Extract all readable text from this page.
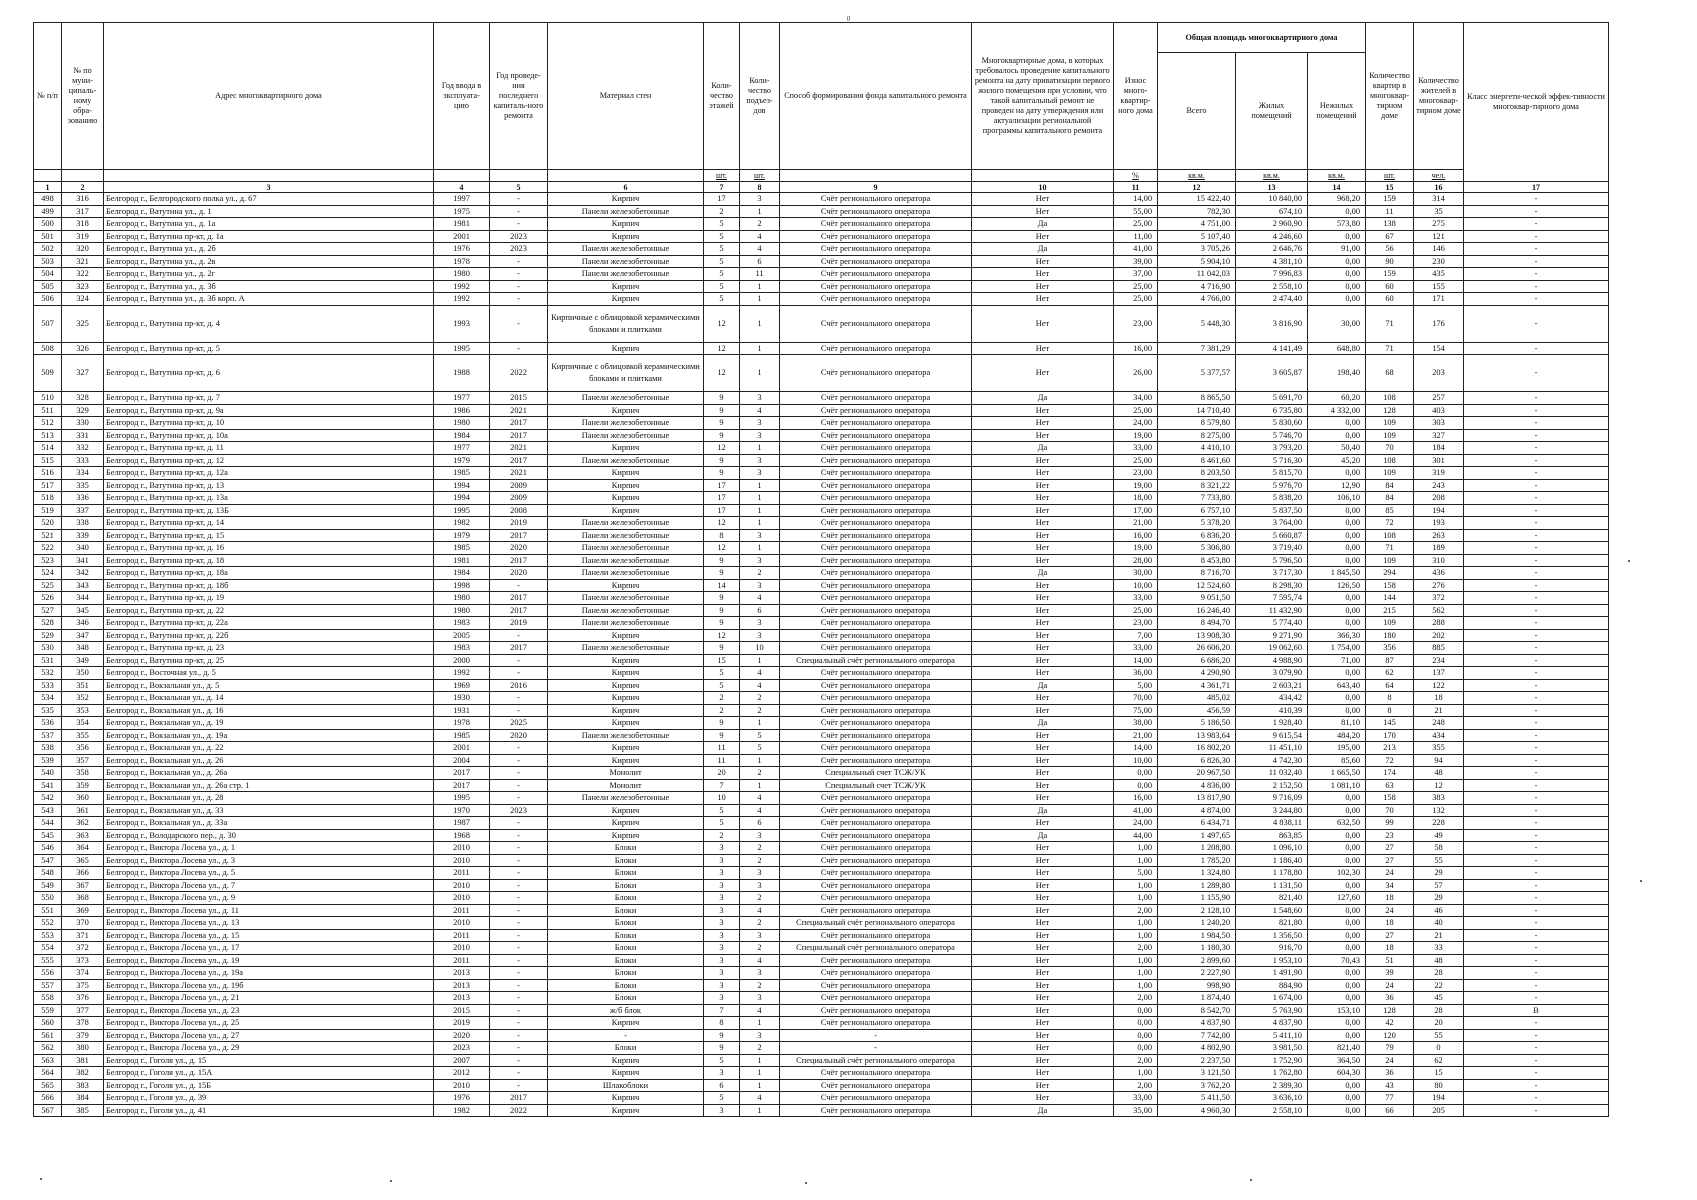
0
№ п/п	№ по муни-ципаль-ному обра-зованию	Адрес многоквартирного дома	Год ввода в эксплуата-цию	Год проведе-ния последнего капиталь-ного ремонта	Материал стен	Коли-чество этажей	Коли-чество подъез-дов	Способ формирования фонда капитального ремонта	Многоквартирные дома, в которых требовалось проведение капитального ремонта на дату приватизации первого жилого помещения при условии, что такой капитальный ремонт не проведен на дату утверждения или актуализации региональной программы капитального ремонта	Износ много-квартир-ного дома	Общая площадь многоквартирного дома			Количество квартир в многоквар-тирном доме	Количество жителей в многоквар-тирном доме	Класс энергети-ческой эффек-тивности многоквар-тирного дома
											Всего	Жилых помещений	Нежилых помещений			
						шт.	шт.			%	кв.м.	кв.м.	кв.м.	шт.	чел.	
1	2	3	4	5	6	7	8	9	10	11	12	13	14	15	16	17
498	316	Белгород г., Белгородского полка ул., д. 67	1997	-	Кирпич	17	3	Счёт регионального оператора	Нет	14,00	15 422,40	10 840,00	968,20	159	314	-
499	317	Белгород г., Ватутина ул., д. 1	1975	-	Панели железобетонные	2	1	Счёт регионального оператора	Нет	55,00	782,30	674,10	0,00	11	35	-
500	318	Белгород г., Ватутина ул., д. 1а	1981	-	Кирпич	5	2	Счёт регионального оператора	Да	25,00	4 751,00	2 960,90	573,80	138	275	-
501	319	Белгород г., Ватутина пр-кт, д. 1а	2001	2023	Кирпич	5	4	Счёт регионального оператора	Нет	11,00	5 107,40	4 246,60	0,00	67	121	-
502	320	Белгород г., Ватутина ул., д. 2б	1976	2023	Панели железобетонные	5	4	Счёт регионального оператора	Да	41,00	3 705,26	2 646,76	91,00	56	146	-
503	321	Белгород г., Ватутина ул., д. 2в	1978	-	Панели железобетонные	5	6	Счёт регионального оператора	Нет	39,00	5 904,10	4 381,10	0,00	90	230	-
504	322	Белгород г., Ватутина ул., д. 2г	1980	-	Панели железобетонные	5	11	Счёт регионального оператора	Нет	37,00	11 042,03	7 996,83	0,00	159	435	-
505	323	Белгород г., Ватутина ул., д. 3б	1992	-	Кирпич	5	1	Счёт регионального оператора	Нет	25,00	4 716,90	2 558,10	0,00	60	155	-
506	324	Белгород г., Ватутина ул., д. 3б корп. А	1992	-	Кирпич	5	1	Счёт регионального оператора	Нет	25,00	4 766,00	2 474,40	0,00	60	171	-
507	325	Белгород г., Ватутина пр-кт, д. 4	1993	-	Кирпичные с облицовкой керамическими блоками и плитками	12	1	Счёт регионального оператора	Нет	23,00	5 448,30	3 816,90	30,00	71	176	-
508	326	Белгород г., Ватутина пр-кт, д. 5	1995	-	Кирпич	12	1	Счёт регионального оператора	Нет	16,00	7 381,29	4 141,49	648,80	71	154	-
509	327	Белгород г., Ватутина пр-кт, д. 6	1988	2022	Кирпичные с облицовкой керамическими блоками и плитками	12	1	Счёт регионального оператора	Нет	26,00	5 377,57	3 605,87	198,40	68	203	-
510	328	Белгород г., Ватутина пр-кт, д. 7	1977	2015	Панели железобетонные	9	3	Счёт регионального оператора	Да	34,00	8 865,50	5 691,70	60,20	108	257	-
511	329	Белгород г., Ватутина пр-кт, д. 9а	1986	2021	Кирпич	9	4	Счёт регионального оператора	Нет	25,00	14 710,40	6 735,80	4 332,00	128	403	-
512	330	Белгород г., Ватутина пр-кт, д. 10	1980	2017	Панели железобетонные	9	3	Счёт регионального оператора	Нет	24,00	8 579,80	5 830,60	0,00	109	303	-
513	331	Белгород г., Ватутина пр-кт, д. 10а	1984	2017	Панели железобетонные	9	3	Счёт регионального оператора	Нет	19,00	8 275,00	5 746,70	0,00	109	327	-
514	332	Белгород г., Ватутина пр-кт, д. 11	1977	2021	Кирпич	12	1	Счёт регионального оператора	Да	33,00	4 410,10	3 793,20	50,40	70	184	-
515	333	Белгород г., Ватутина пр-кт, д. 12	1979	2017	Панели железобетонные	9	3	Счёт регионального оператора	Нет	25,00	8 461,60	5 716,30	45,20	108	301	-
516	334	Белгород г., Ватутина пр-кт, д. 12а	1985	2021	Кирпич	9	3	Счёт регионального оператора	Нет	23,00	8 203,50	5 815,70	0,00	109	319	-
517	335	Белгород г., Ватутина пр-кт, д. 13	1994	2009	Кирпич	17	1	Счёт регионального оператора	Нет	19,00	8 321,22	5 976,70	12,90	84	243	-
518	336	Белгород г., Ватутина пр-кт, д. 13а	1994	2009	Кирпич	17	1	Счёт регионального оператора	Нет	18,00	7 733,80	5 838,20	106,10	84	208	-
519	337	Белгород г., Ватутина пр-кт, д. 13Б	1995	2008	Кирпич	17	1	Счёт регионального оператора	Нет	17,00	6 757,10	5 837,50	0,00	85	194	-
520	338	Белгород г., Ватутина пр-кт, д. 14	1982	2019	Панели железобетонные	12	1	Счёт регионального оператора	Нет	21,00	5 378,20	3 764,00	0,00	72	193	-
521	339	Белгород г., Ватутина пр-кт, д. 15	1979	2017	Панели железобетонные	8	3	Счёт регионального оператора	Нет	16,00	6 836,20	5 660,87	0,00	108	263	-
522	340	Белгород г., Ватутина пр-кт, д. 16	1985	2020	Панели железобетонные	12	1	Счёт регионального оператора	Нет	19,00	5 306,80	3 719,40	0,00	71	189	-
523	341	Белгород г., Ватутина пр-кт, д. 18	1981	2017	Панели железобетонные	9	3	Счёт регионального оператора	Нет	28,00	8 453,80	5 796,50	0,00	109	310	-
524	342	Белгород г., Ватутина пр-кт, д. 18а	1984	2020	Панели железобетонные	9	2	Счёт регионального оператора	Да	30,00	8 716,70	3 717,30	1 845,50	294	436	-
525	343	Белгород г., Ватутина пр-кт, д. 18б	1998	-	Кирпич	14	3	Счёт регионального оператора	Нет	10,00	12 524,60	8 298,30	126,50	158	276	-
526	344	Белгород г., Ватутина пр-кт, д. 19	1980	2017	Панели железобетонные	9	4	Счёт регионального оператора	Нет	33,00	9 051,50	7 595,74	0,00	144	372	-
527	345	Белгород г., Ватутина пр-кт, д. 22	1980	2017	Панели железобетонные	9	6	Счёт регионального оператора	Нет	25,00	16 246,40	11 432,90	0,00	215	562	-
528	346	Белгород г., Ватутина пр-кт, д. 22а	1983	2019	Панели железобетонные	9	3	Счёт регионального оператора	Нет	23,00	8 494,70	5 774,40	0,00	109	288	-
529	347	Белгород г., Ватутина пр-кт, д. 22б	2005	-	Кирпич	12	3	Счёт регионального оператора	Нет	7,00	13 908,30	9 271,90	366,30	180	202	-
530	348	Белгород г., Ватутина пр-кт, д. 23	1983	2017	Панели железобетонные	9	10	Счёт регионального оператора	Нет	33,00	26 606,20	19 062,60	1 754,00	356	885	-
531	349	Белгород г., Ватутина пр-кт, д. 25	2000	-	Кирпич	15	1	Специальный счёт регионального оператора	Нет	14,00	6 686,20	4 988,90	71,00	87	234	-
532	350	Белгород г., Восточная ул., д. 5	1992	-	Кирпич	5	4	Счёт регионального оператора	Нет	36,00	4 290,90	3 079,90	0,00	62	137	-
533	351	Белгород г., Вокзальная ул., д. 5	1969	2016	Кирпич	5	4	Счёт регионального оператора	Да	5,00	4 361,71	2 603,21	643,40	64	122	-
534	352	Белгород г., Вокзальная ул., д. 14	1930	-	Кирпич	2	2	Счёт регионального оператора	Нет	70,00	485,02	434,42	0,00	8	18	-
535	353	Белгород г., Вокзальная ул., д. 16	1931	-	Кирпич	2	2	Счёт регионального оператора	Нет	75,00	456,59	410,39	0,00	8	21	-
536	354	Белгород г., Вокзальная ул., д. 19	1978	2025	Кирпич	9	1	Счёт регионального оператора	Да	38,00	5 186,50	1 928,40	81,10	145	248	-
537	355	Белгород г., Вокзальная ул., д. 19а	1985	2020	Панели железобетонные	9	5	Счёт регионального оператора	Нет	21,00	13 983,64	9 615,54	484,20	170	434	-
538	356	Белгород г., Вокзальная ул., д. 22	2001	-	Кирпич	11	5	Счёт регионального оператора	Нет	14,00	16 802,20	11 451,10	195,00	213	355	-
539	357	Белгород г., Вокзальная ул., д. 26	2004	-	Кирпич	11	1	Счёт регионального оператора	Нет	10,00	6 826,30	4 742,30	85,60	72	94	-
540	358	Белгород г., Вокзальная ул., д. 26а	2017	-	Монолит	20	2	Специальный счет ТСЖ/УК	Нет	0,00	20 967,50	11 032,40	1 665,50	174	48	-
541	359	Белгород г., Вокзальная ул., д. 26а стр. 1	2017	-	Монолит	7	1	Специальный счет ТСЖ/УК	Нет	0,00	4 836,00	2 152,50	1 081,10	63	12	-
542	360	Белгород г., Вокзальная ул., д. 28	1995	-	Панели железобетонные	10	4	Счёт регионального оператора	Нет	16,00	13 817,90	9 716,09	0,00	158	383	-
543	361	Белгород г., Вокзальная ул., д. 33	1970	2023	Кирпич	5	4	Счёт регионального оператора	Да	41,00	4 874,00	3 244,80	0,00	70	132	-
544	362	Белгород г., Вокзальная ул., д. 33а	1987	-	Кирпич	5	6	Счёт регионального оператора	Нет	24,00	6 434,71	4 838,11	632,50	99	228	-
545	363	Белгород г., Володарского пер., д. 30	1968	-	Кирпич	2	3	Счёт регионального оператора	Да	44,00	1 497,65	863,85	0,00	23	49	-
546	364	Белгород г., Виктора Лосева ул., д. 1	2010	-	Блоки	3	2	Счёт регионального оператора	Нет	1,00	1 208,80	1 096,10	0,00	27	58	-
547	365	Белгород г., Виктора Лосева ул., д. 3	2010	-	Блоки	3	2	Счёт регионального оператора	Нет	1,00	1 785,20	1 186,40	0,00	27	55	-
548	366	Белгород г., Виктора Лосева ул., д. 5	2011	-	Блоки	3	3	Счёт регионального оператора	Нет	5,00	1 324,80	1 178,80	102,30	24	29	-
549	367	Белгород г., Виктора Лосева ул., д. 7	2010	-	Блоки	3	3	Счёт регионального оператора	Нет	1,00	1 289,80	1 131,50	0,00	34	57	-
550	368	Белгород г., Виктора Лосева ул., д. 9	2010	-	Блоки	3	2	Счёт регионального оператора	Нет	1,00	1 155,90	821,40	127,60	18	29	-
551	369	Белгород г., Виктора Лосева ул., д. 11	2011	-	Блоки	3	4	Счёт регионального оператора	Нет	2,00	2 128,10	1 548,60	0,00	24	46	-
552	370	Белгород г., Виктора Лосева ул., д. 13	2010	-	Блоки	3	2	Специальный счёт регионального оператора	Нет	1,00	1 240,20	821,80	0,00	18	40	-
553	371	Белгород г., Виктора Лосева ул., д. 15	2011	-	Блоки	3	3	Счёт регионального оператора	Нет	1,00	1 984,50	1 356,50	0,00	27	21	-
554	372	Белгород г., Виктора Лосева ул., д. 17	2010	-	Блоки	3	2	Специальный счёт регионального оператора	Нет	2,00	1 180,30	916,70	0,00	18	33	-
555	373	Белгород г., Виктора Лосева ул., д. 19	2011	-	Блоки	3	4	Счёт регионального оператора	Нет	1,00	2 899,60	1 953,10	70,43	51	48	-
556	374	Белгород г., Виктора Лосева ул., д. 19а	2013	-	Блоки	3	3	Счёт регионального оператора	Нет	1,00	2 227,90	1 491,90	0,00	39	28	-
557	375	Белгород г., Виктора Лосева ул., д. 19б	2013	-	Блоки	3	2	Счёт регионального оператора	Нет	1,00	998,90	884,90	0,00	24	22	-
558	376	Белгород г., Виктора Лосева ул., д. 21	2013	-	Блоки	3	3	Счёт регионального оператора	Нет	2,00	1 874,40	1 674,00	0,00	36	45	-
559	377	Белгород г., Виктора Лосева ул., д. 23	2015	-	ж/б блок	7	4	Счёт регионального оператора	Нет	0,00	8 542,70	5 763,90	153,10	128	28	В
560	378	Белгород г., Виктора Лосева ул., д. 25	2019	-	Кирпич	8	1	Счёт регионального оператора	Нет	0,00	4 837,90	4 837,90	0,00	42	20	-
561	379	Белгород г., Виктора Лосева ул., д. 27	2020	-	-	9	3	-	Нет	0,00	7 742,00	5 411,10	0,00	120	55	-
562	380	Белгород г., Виктора Лосева ул., д. 29	2023	-	Блоки	9	2	-	Нет	0,00	4 802,90	3 981,50	821,40	79	0	-
563	381	Белгород г., Гоголя ул., д. 15	2007	-	Кирпич	5	1	Специальный счёт регионального оператора	Нет	2,00	2 237,50	1 752,90	364,50	24	62	-
564	382	Белгород г., Гоголя ул., д. 15А	2012	-	Кирпич	3	1	Счёт регионального оператора	Нет	1,00	3 121,50	1 762,80	604,30	36	15	-
565	383	Белгород г., Гоголя ул., д. 15Б	2010	-	Шлакоблоки	6	1	Счёт регионального оператора	Нет	2,00	3 762,20	2 389,30	0,00	43	80	-
566	384	Белгород г., Гоголя ул., д. 39	1976	2017	Кирпич	5	4	Счёт регионального оператора	Нет	33,00	5 411,50	3 636,10	0,00	77	194	-
567	385	Белгород г., Гоголя ул., д. 41	1982	2022	Кирпич	3	1	Счёт регионального оператора	Да	35,00	4 960,30	2 558,10	0,00	66	205	-
